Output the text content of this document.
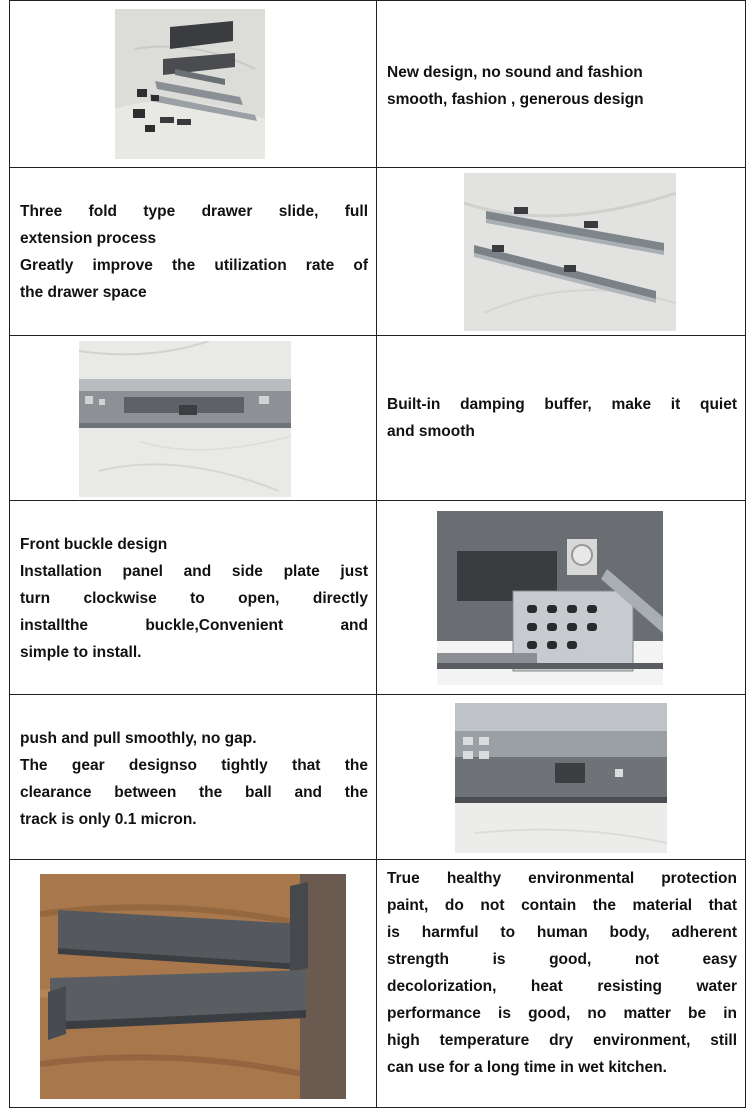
New design, no sound and fashion
smooth, fashion , generous design
Three fold type drawer slide, full
extension process
Greatly improve the utilization rate of
the drawer space
Built-in damping buffer, make it quiet
and smooth
Front buckle design
Installation panel and side plate just
turn clockwise to open, directly
installthe buckle,Convenient and
simple to install.
push and pull smoothly, no gap.
The gear designso tightly that the
clearance between the ball and the
track is only 0.1 micron.
True healthy environmental protection
paint, do not contain the material that
is harmful to human body, adherent
strength is good, not easy
decolorization, heat resisting water
performance is good, no matter be in
high temperature dry environment, still
can use for a long time in wet kitchen.
